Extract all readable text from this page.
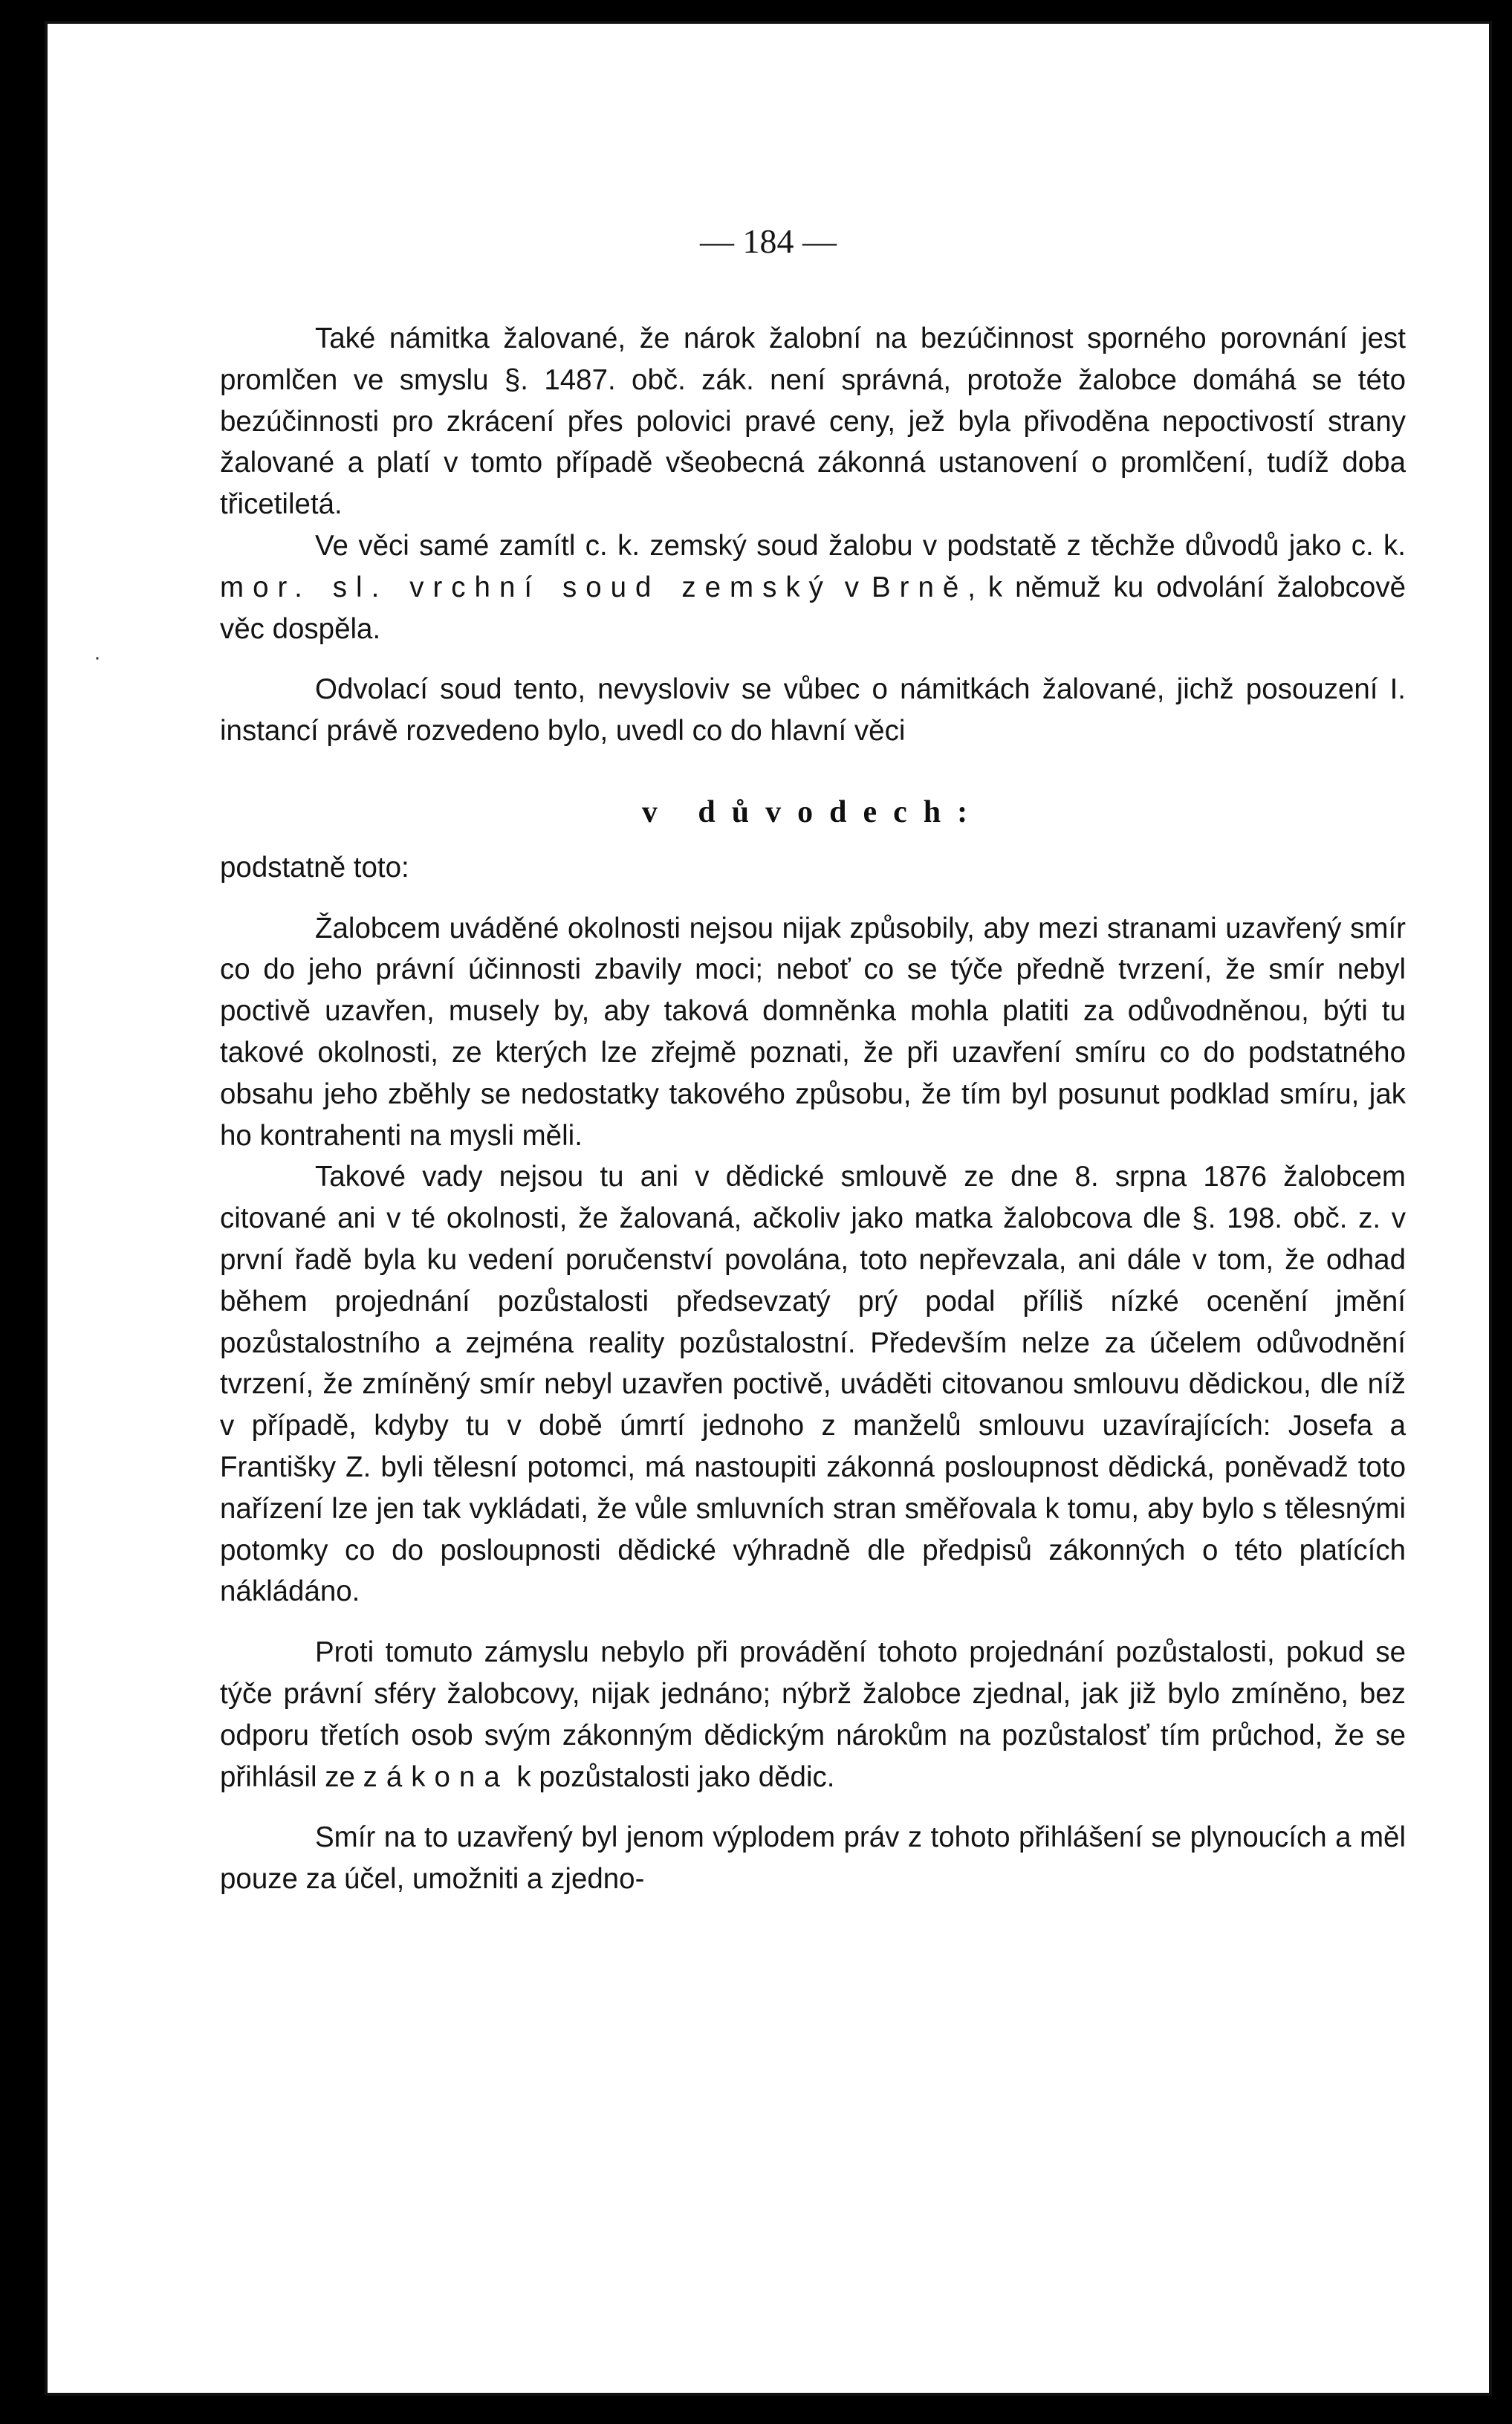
— 184 —
·

Také námitka žalované, že nárok žalobní na bezúčinnost sporného porovnání jest promlčen ve smyslu §. 1487. obč. zák. není správná, protože žalobce domáhá se této bezúčinnosti pro zkrácení přes polovici pravé ceny, jež byla přivoděna nepoctivostí strany žalované a platí v tomto případě všeobecná zákonná ustanovení o promlčení, tudíž doba třicetiletá.

Ve věci samé zamítl c. k. zemský soud žalobu v podstatě z těchže důvodů jako c. k. mor. sl. vrchní soud zemský v Brně, k němuž ku odvolání žalobcově věc dospěla.

Odvolací soud tento, nevysloviv se vůbec o námitkách žalované, jichž posouzení I. instancí právě rozvedeno bylo, uvedl co do hlavní věci

v důvodech:

podstatně toto:

Žalobcem uváděné okolnosti nejsou nijak způsobily, aby mezi stranami uzavřený smír co do jeho právní účinnosti zbavily moci; neboť co se týče předně tvrzení, že smír nebyl poctivě uzavřen, musely by, aby taková domněnka mohla platiti za odůvodněnou, býti tu takové okolnosti, ze kterých lze zřejmě poznati, že při uzavření smíru co do podstatného obsahu jeho zběhly se nedostatky takového způsobu, že tím byl posunut podklad smíru, jak ho kontrahenti na mysli měli.

Takové vady nejsou tu ani v dědické smlouvě ze dne 8. srpna 1876 žalobcem citované ani v té okolnosti, že žalovaná, ačkoliv jako matka žalobcova dle §. 198. obč. z. v první řadě byla ku vedení poručenství povolána, toto nepřevzala, ani dále v tom, že odhad během projednání pozůstalosti předsevzatý prý podal příliš nízké ocenění jmění pozůstalostního a zejména reality pozůstalostní. Především nelze za účelem odůvodnění tvrzení, že zmíněný smír nebyl uzavřen poctivě, uváděti citovanou smlouvu dědickou, dle níž v případě, kdyby tu v době úmrtí jednoho z manželů smlouvu uzavírajících: Josefa a Františky Z. byli tělesní potomci, má nastoupiti zákonná posloupnost dědická, poněvadž toto nařízení lze jen tak vykládati, že vůle smluvních stran směřovala k tomu, aby bylo s tělesnými potomky co do posloupnosti dědické výhradně dle předpisů zákonných o této platících nákládáno.

Proti tomuto zámyslu nebylo při provádění tohoto projednání pozůstalosti, pokud se týče právní sféry žalobcovy, nijak jednáno; nýbrž žalobce zjednal, jak již bylo zmíněno, bez odporu třetích osob svým zákonným dědickým nárokům na pozůstalosť tím průchod, že se přihlásil ze zákona k pozůstalosti jako dědic.

Smír na to uzavřený byl jenom výplodem práv z tohoto přihlášení se plynoucích a měl pouze za účel, umožniti a zjedno-
